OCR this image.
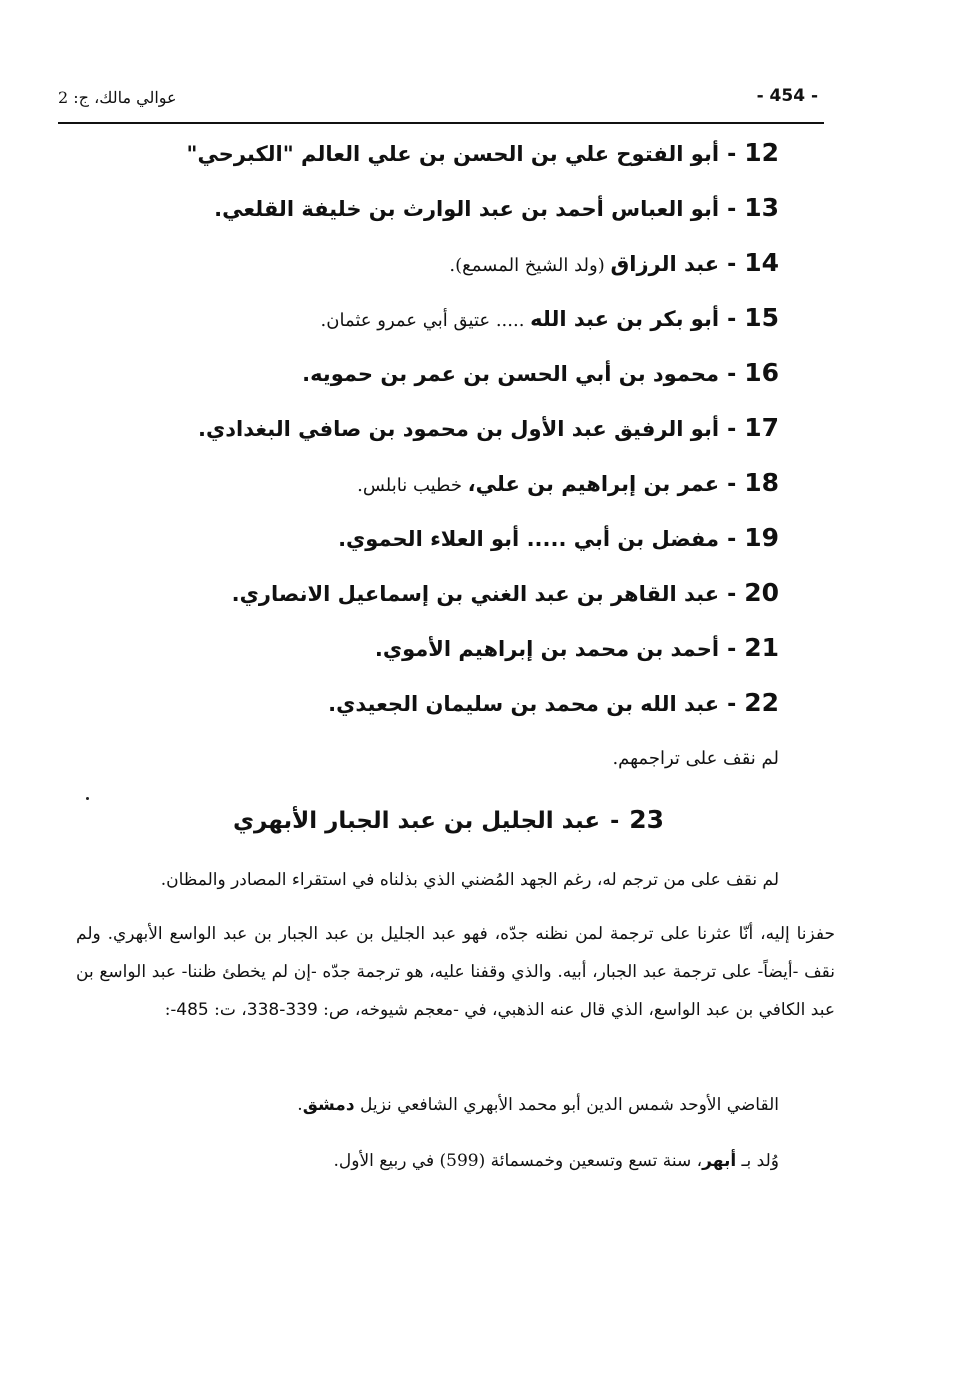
- 454 -
عوالي مالك، ج: 2
12-أبو الفتوح علي بن الحسن بن علي العالم "الكبرحي"
13-أبو العباس أحمد بن عبد الوارث بن خليفة القلعي.
14-عبد الرزاق (ولد الشيخ المسمع).
15-أبو بكر بن عبد الله ..... عتيق أبي عمرو عثمان.
16-محمود بن أبي الحسن بن عمر بن حمويه.
17-أبو الرفيق عبد الأول بن محمود بن صافي البغدادي.
18-عمر بن إبراهيم بن علي، خطيب نابلس.
19-مفضل بن أبي ..... أبو العلاء الحموي.
20-عبد القاهر بن عبد الغني بن إسماعيل الانصاري.
21-أحمد بن محمد بن إبراهيم الأموي.
22-عبد الله بن محمد بن سليمان الجعيدي.
لم نقف على تراجمهم.
23-عبد الجليل بن عبد الجبار الأبهري
لم نقف على من ترجم له، رغم الجهد المُضني الذي بذلناه في استقراء المصادر والمظان.
حفزنا إليه، أنّا عثرنا على ترجمة لمن نظنه جدّه، فهو عبد الجليل بن عبد الجبار بن عبد الواسع الأبهري. ولم نقف -أيضاً- على ترجمة عبد الجبار، أبيه. والذي وقفنا عليه، هو ترجمة جدّه -إن لم يخطئ ظننا- عبد الواسع بن عبد الكافي بن عبد الواسع، الذي قال عنه الذهبي، في -معجم شيوخه، ص: 338-339، ت: 485-:
القاضي الأوحد شمس الدين أبو محمد الأبهري الشافعي نزيل دمشق.
وُلد بـ أبهر، سنة تسع وتسعين وخمسمائة (599) في ربيع الأول.
